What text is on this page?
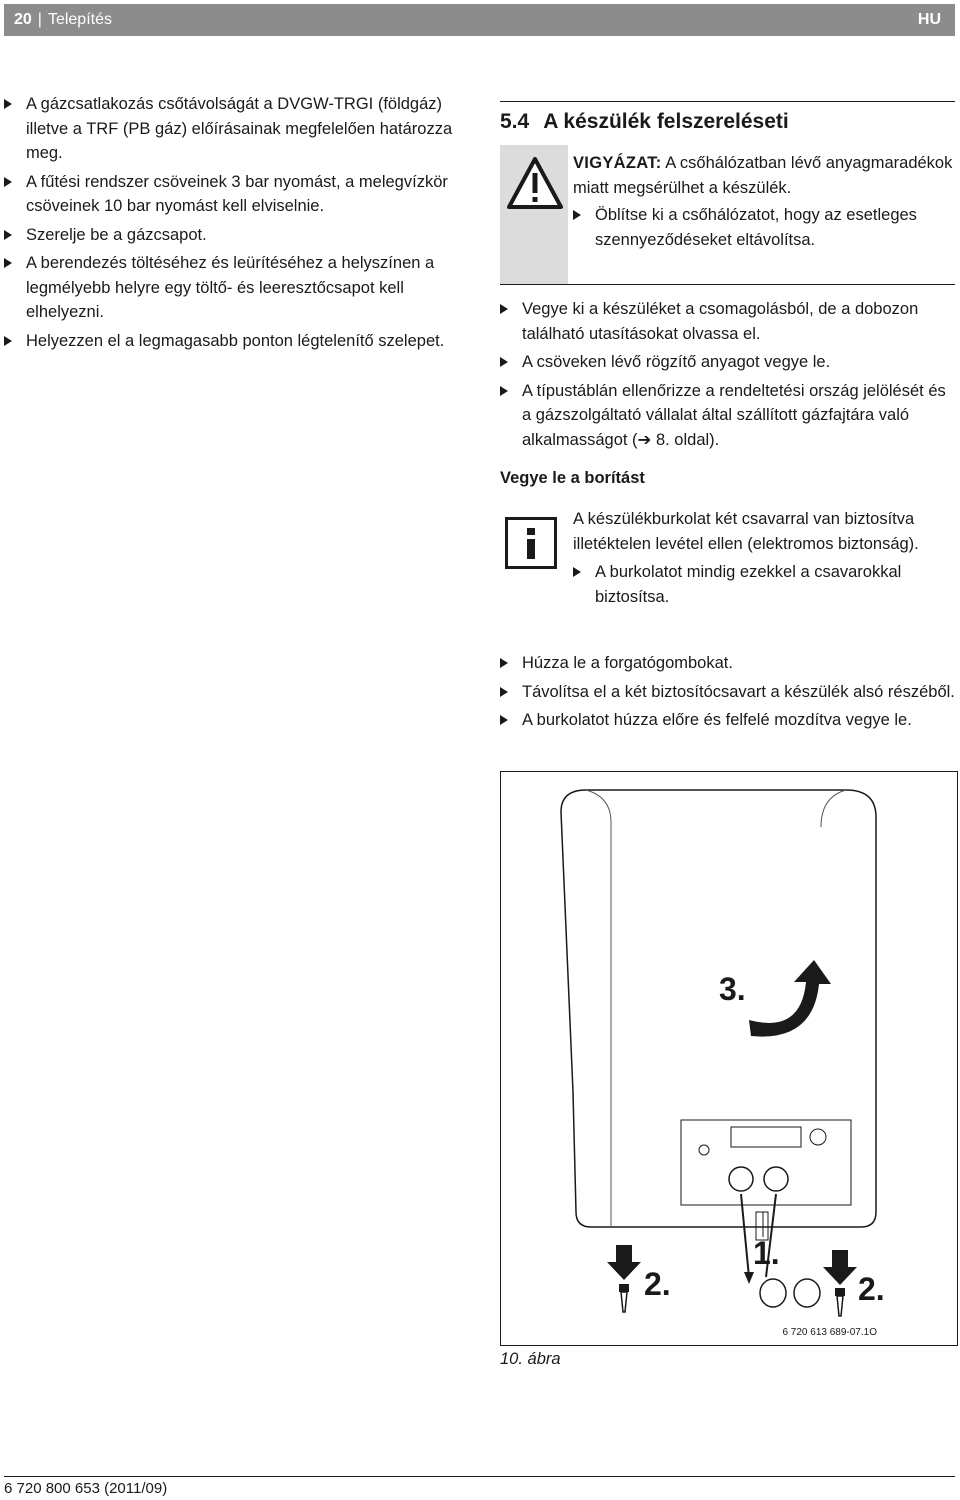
20 | Telepítés	HU
A gázcsatlakozás csőtávolságát a DVGW-TRGI (földgáz) illetve a TRF (PB gáz) előírásainak megfelelően határozza meg.
A fűtési rendszer csöveinek 3 bar nyomást, a melegvízkör csöveinek 10 bar nyomást kell elviselnie.
Szerelje be a gázcsapot.
A berendezés töltéséhez és leürítéséhez a helyszínen a legmélyebb helyre egy töltő- és leeresztőcsapot kell elhelyezni.
Helyezzen el a legmagasabb ponton légtelenítő szelepet.
5.4 A készülék felszereléseti
VIGYÁZAT: A csőhálózatban lévő anyagmaradékok miatt megsérülhet a készülék.
Öblítse ki a csőhálózatot, hogy az esetleges szennyeződéseket eltávolítsa.
Vegye ki a készüléket a csomagolásból, de a dobozon található utasításokat olvassa el.
A csöveken lévő rögzítő anyagot vegye le.
A típustáblán ellenőrizze a rendeltetési ország jelölését és a gázszolgáltató vállalat által szállított gázfajtára való alkalmasságot (➔ 8. oldal).
Vegye le a borítást
A készülékburkolat két csavarral van biztosítva illetéktelen levétel ellen (elektromos biztonság).
A burkolatot mindig ezekkel a csavarokkal biztosítsa.
Húzza le a forgatógombokat.
Távolítsa el a két biztosítócsavart a készülék alsó részéből.
A burkolatot húzza előre és felfelé mozdítva vegye le.
3.
1.
2.	2.
6 720 613 689-07.1O
10. ábra
6 720 800 653 (2011/09)
